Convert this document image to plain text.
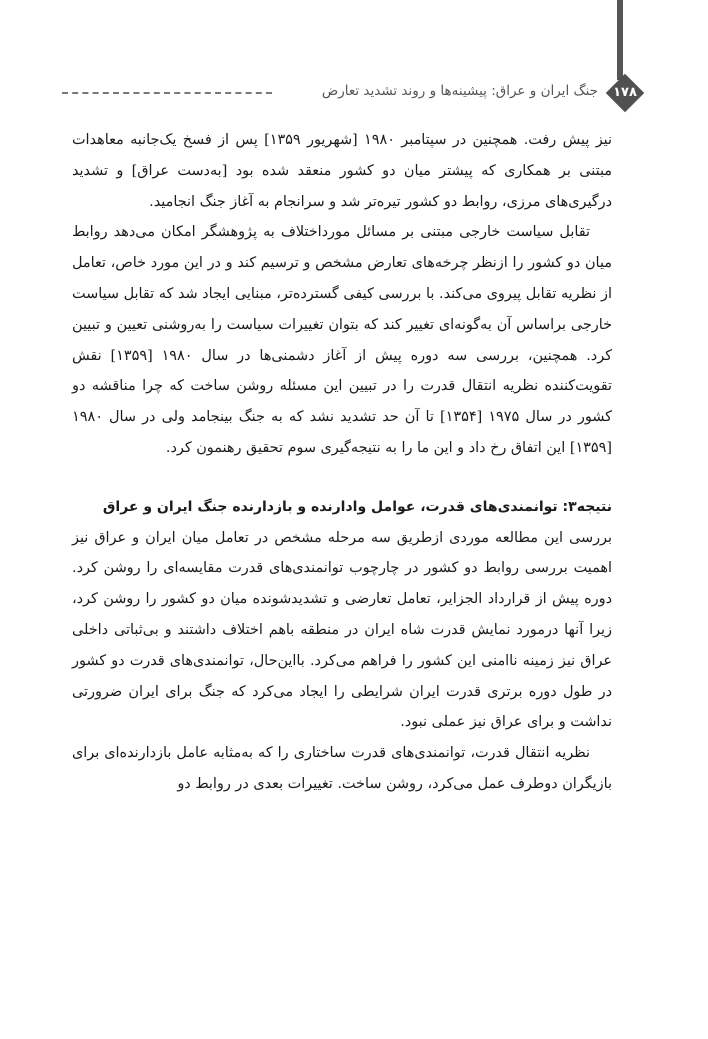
۱۷۸
جنگ ایران و عراق: پیشینه‌ها و روند تشدید تعارض

نیز پیش رفت. همچنین در سپتامبر ۱۹۸۰ [شهریور ۱۳۵۹] پس از فسخ یک‌جانبه معاهدات مبتنی بر همکاری که پیشتر میان دو کشور منعقد شده بود [به‌دست عراق] و تشدید درگیری‌های مرزی، روابط دو کشور تیره‌تر شد و سرانجام به آغاز جنگ انجامید.

تقابل سیاست خارجی مبتنی بر مسائل مورداختلاف به پژوهشگر امکان می‌دهد روابط میان دو کشور را ازنظر چرخه‌های تعارض مشخص و ترسیم کند و در این مورد خاص، تعامل از نظریه تقابل پیروی می‌کند. با بررسی کیفی گسترده‌تر، مبنایی ایجاد شد که تقابل سیاست خارجی براساس آن به‌گونه‌ای تغییر کند که بتوان تغییرات سیاست را به‌روشنی تعیین و تبیین کرد. همچنین، بررسی سه دوره پیش از آغاز دشمنی‌ها در سال ۱۹۸۰ [۱۳۵۹] نقش تقویت‌کننده نظریه انتقال قدرت را در تبیین این مسئله روشن ساخت که چرا مناقشه دو کشور در سال ۱۹۷۵ [۱۳۵۴] تا آن حد تشدید نشد که به جنگ بینجامد ولی در سال ۱۹۸۰ [۱۳۵۹] این اتفاق رخ داد و این ما را به نتیجه‌گیری سوم تحقیق رهنمون کرد.

نتیجه۳: توانمندی‌های قدرت، عوامل وادارنده و بازدارنده جنگ ایران و عراق

بررسی این مطالعه موردی ازطریق سه مرحله مشخص در تعامل میان ایران و عراق نیز اهمیت بررسی روابط دو کشور در چارچوب توانمندی‌های قدرت مقایسه‌ای را روشن کرد. دوره پیش از قرارداد الجزایر، تعامل تعارضی و تشدیدشونده میان دو کشور را روشن کرد، زیرا آنها درمورد نمایش قدرت شاه ایران در منطقه باهم اختلاف داشتند و بی‌ثباتی داخلی عراق نیز زمینه ناامنی این کشور را فراهم می‌کرد. بااین‌حال، توانمندی‌های قدرت دو کشور در طول دوره برتری قدرت ایران شرایطی را ایجاد می‌کرد که جنگ برای ایران ضرورتی نداشت و برای عراق نیز عملی نبود.

نظریه انتقال قدرت، توانمندی‌های قدرت ساختاری را که به‌مثابه عامل بازدارنده‌ای برای بازیگران دوطرف عمل می‌کرد، روشن ساخت. تغییرات بعدی در روابط دو
